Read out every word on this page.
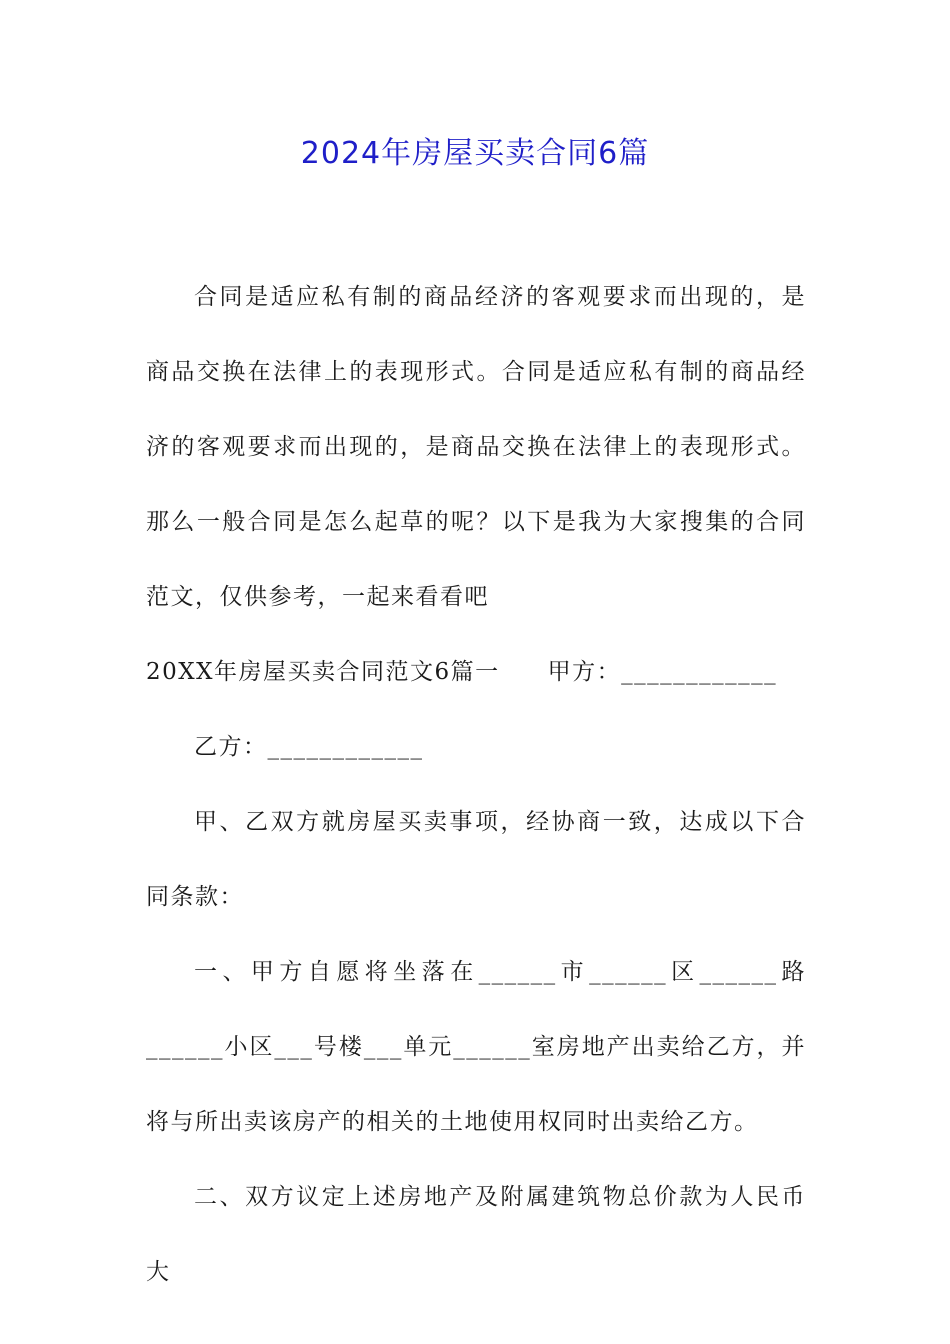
2024年房屋买卖合同6篇

合同是适应私有制的商品经济的客观要求而出现的，是商品交换在法律上的表现形式。合同是适应私有制的商品经济的客观要求而出现的，是商品交换在法律上的表现形式。那么一般合同是怎么起草的呢？以下是我为大家搜集的合同范文，仅供参考，一起来看看吧

20XX年房屋买卖合同范文6篇一 甲方：____________

乙方：____________

甲、乙双方就房屋买卖事项，经协商一致，达成以下合同条款：

一、甲方自愿将坐落在______市______区______路______小区___号楼___单元______室房地产出卖给乙方，并将与所出卖该房产的相关的土地使用权同时出卖给乙方。

二、双方议定上述房地产及附属建筑物总价款为人民币大
